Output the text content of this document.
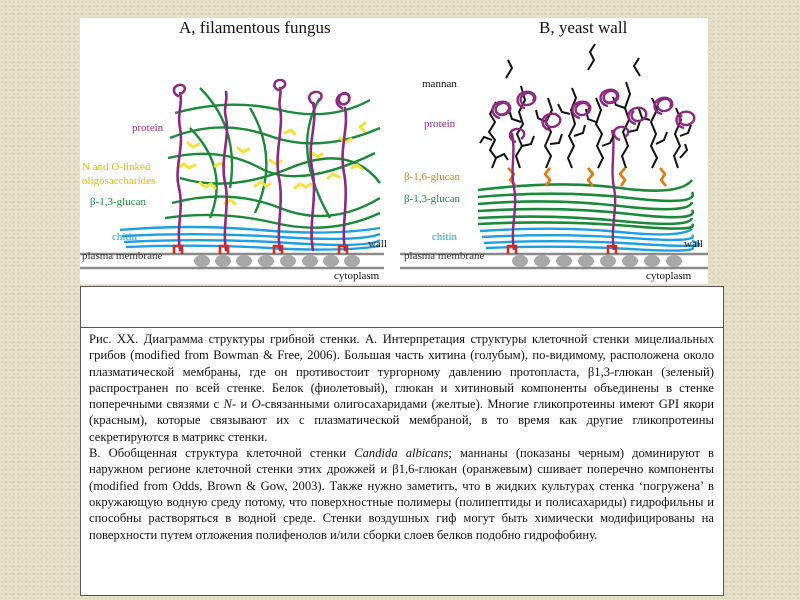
A, filamentous fungus
protein
N and O-linked
oligosaccharides
β-1,3-glucan
chitin
plasma membrane
wall
cytoplasm
B, yeast wall
mannan
protein
β-1,6-glucan
β-1,3-glucan
chitin
plasma membrane
wall
cytoplasm

Рис. XX. Диаграмма структуры грибной стенки. A. Интерпретация структуры клеточной стенки мицелиальных грибов (modified from Bowman & Free, 2006). Большая часть хитина (голубым), по-видимому, расположена около плазматической мембраны, где он противостоит тургорному давлению протопласта, β1,3-глюкан (зеленый) распространен по всей стенке. Белок (фиолетовый), глюкан и хитиновый компоненты объединены в стенке поперечными связями с N- и O-связанными олигосахаридами (желтые). Многие гликопротеины имеют GPI якори (красным), которые связывают их с плазматической мембраной, в то время как другие гликопротеины секретируются в матрикс стенки.

B. Обобщенная структура клеточной стенки Candida albicans; маннаны (показаны черным) доминируют в наружном регионе клеточной стенки этих дрожжей и β1,6-глюкан (оранжевым) сшивает поперечно компоненты (modified from Odds, Brown & Gow, 2003). Также нужно заметить, что в жидких культурах стенка ‘погружена’ в окружающую водную среду потому, что поверхностные полимеры (полипептиды и полисахариды) гидрофильны и способны растворяться в водной среде. Стенки воздушных гиф могут быть химически модифицированы на поверхности путем отложения полифенолов и/или сборки слоев белков подобно гидрофобину.
